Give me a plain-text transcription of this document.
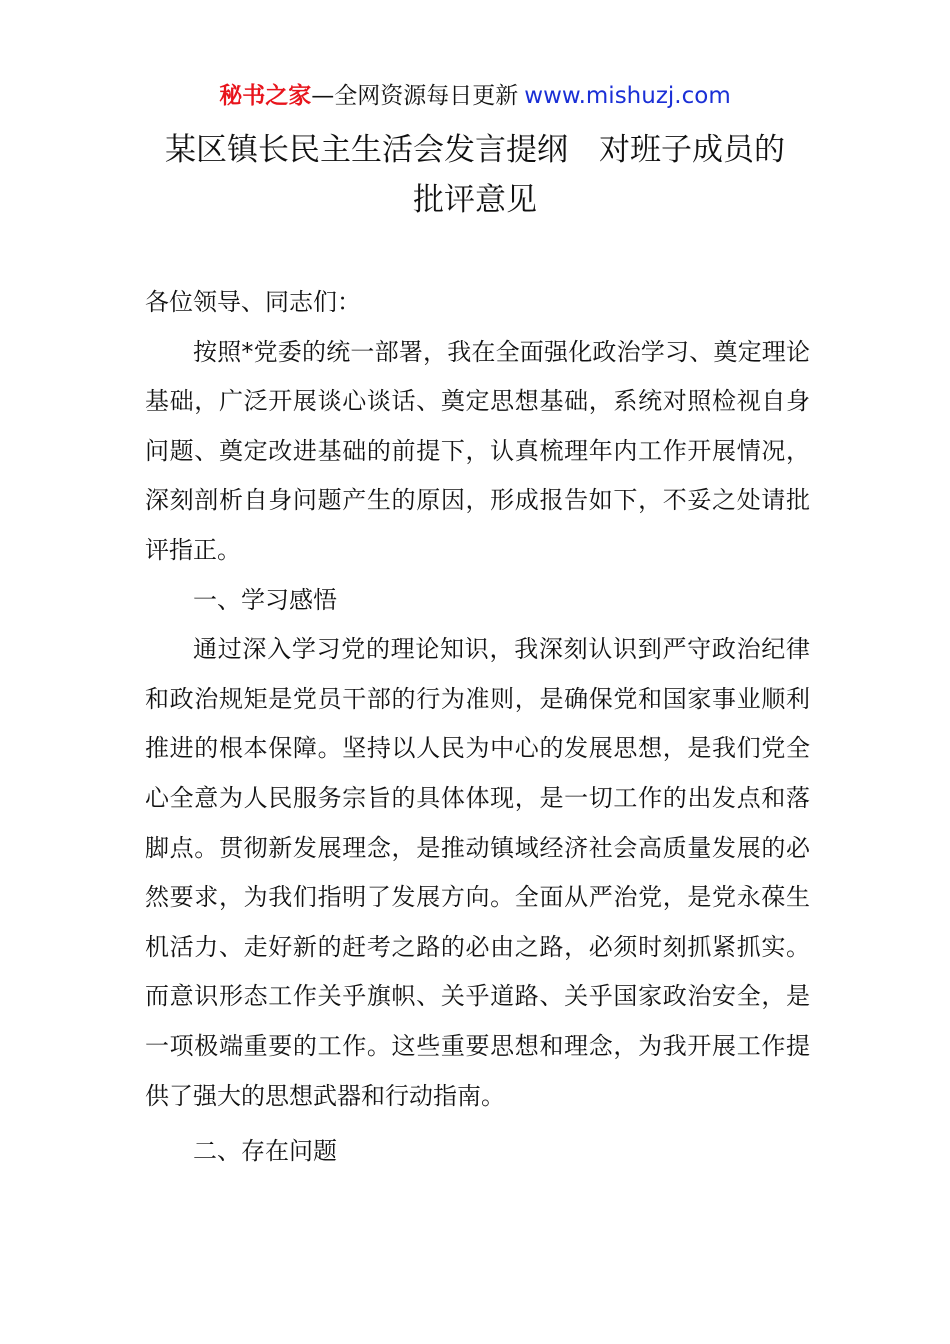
秘书之家—全网资源每日更新 www.mishuzj.com
某区镇长民主生活会发言提纲　对班子成员的
批评意见

各位领导、同志们：

按照*党委的统一部署，我在全面强化政治学习、奠定理论基础，广泛开展谈心谈话、奠定思想基础，系统对照检视自身问题、奠定改进基础的前提下，认真梳理年内工作开展情况，深刻剖析自身问题产生的原因，形成报告如下，不妥之处请批评指正。

一、学习感悟

通过深入学习党的理论知识，我深刻认识到严守政治纪律和政治规矩是党员干部的行为准则，是确保党和国家事业顺利推进的根本保障。坚持以人民为中心的发展思想，是我们党全心全意为人民服务宗旨的具体体现，是一切工作的出发点和落脚点。贯彻新发展理念，是推动镇域经济社会高质量发展的必然要求，为我们指明了发展方向。全面从严治党，是党永葆生机活力、走好新的赶考之路的必由之路，必须时刻抓紧抓实。而意识形态工作关乎旗帜、关乎道路、关乎国家政治安全，是一项极端重要的工作。这些重要思想和理念，为我开展工作提供了强大的思想武器和行动指南。

二、存在问题
